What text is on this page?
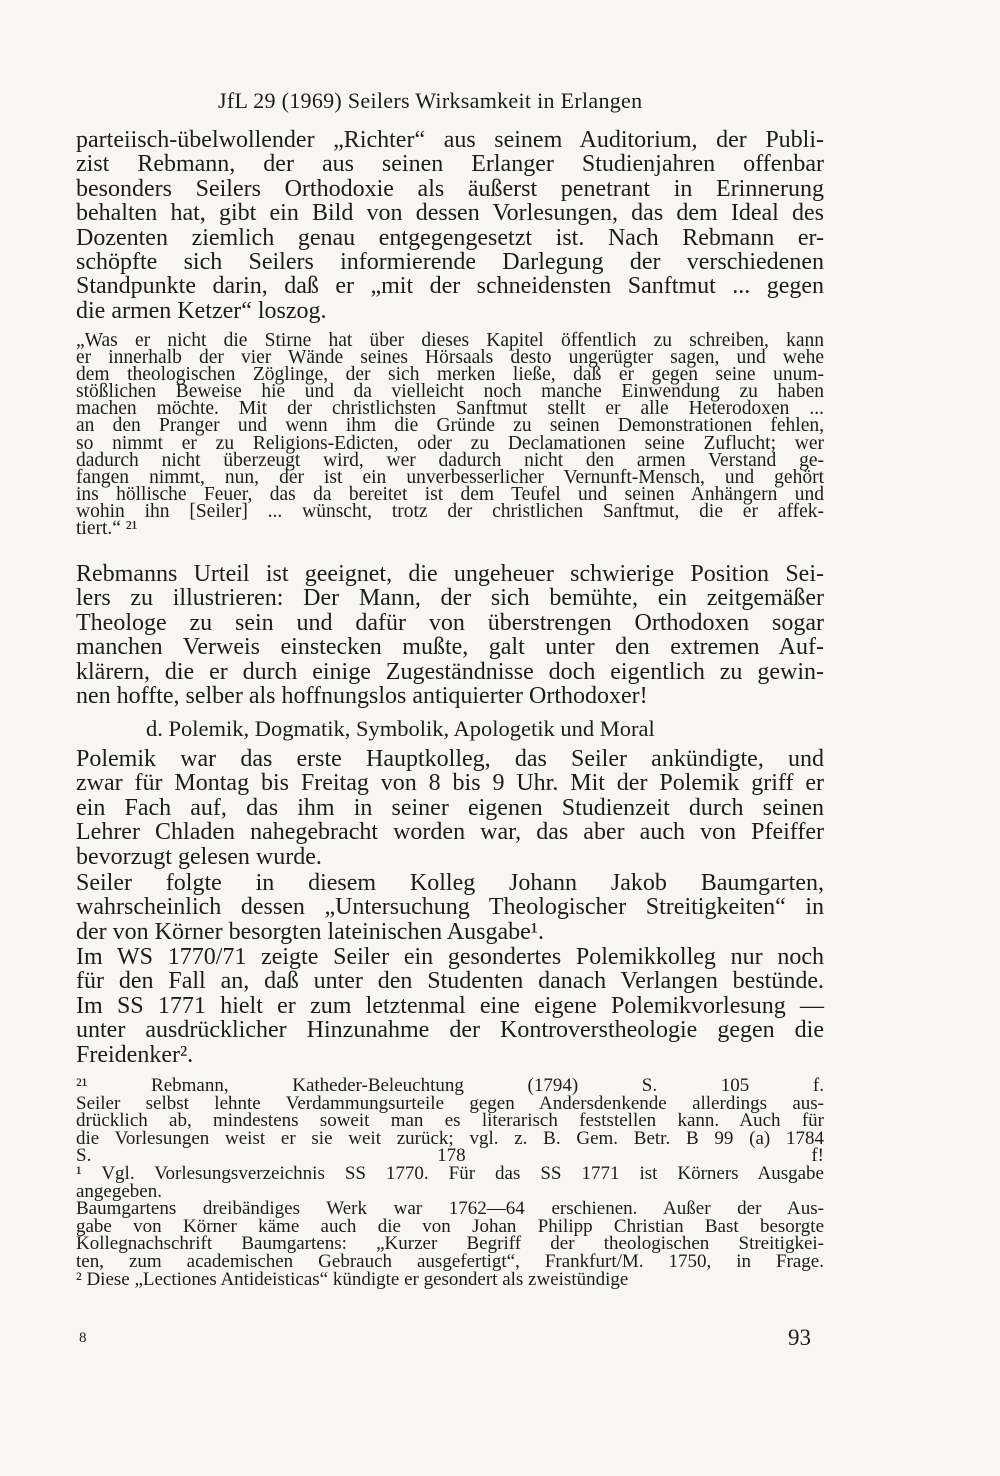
JfL 29 (1969) Seilers Wirksamkeit in Erlangen
parteiisch-übelwollender „Richter“ aus seinem Auditorium, der Publi-
zist Rebmann, der aus seinen Erlanger Studienjahren offenbar
besonders Seilers Orthodoxie als äußerst penetrant in Erinnerung
behalten hat, gibt ein Bild von dessen Vorlesungen, das dem Ideal des
Dozenten ziemlich genau entgegengesetzt ist. Nach Rebmann er-
schöpfte sich Seilers informierende Darlegung der verschiedenen
Standpunkte darin, daß er „mit der schneidensten Sanftmut ... gegen
die armen Ketzer“ loszog.
„Was er nicht die Stirne hat über dieses Kapitel öffentlich zu schreiben, kann
er innerhalb der vier Wände seines Hörsaals desto ungerügter sagen, und wehe
dem theologischen Zöglinge, der sich merken ließe, daß er gegen seine unum-
stößlichen Beweise hie und da vielleicht noch manche Einwendung zu haben
machen möchte. Mit der christlichsten Sanftmut stellt er alle Heterodoxen ...
an den Pranger und wenn ihm die Gründe zu seinen Demonstrationen fehlen,
so nimmt er zu Religions-Edicten, oder zu Declamationen seine Zuflucht; wer
dadurch nicht überzeugt wird, wer dadurch nicht den armen Verstand ge-
fangen nimmt, nun, der ist ein unverbesserlicher Vernunft-Mensch, und gehört
ins höllische Feuer, das da bereitet ist dem Teufel und seinen Anhängern und
wohin ihn [Seiler] ... wünscht, trotz der christlichen Sanftmut, die er affek-
tiert.“ ²¹
Rebmanns Urteil ist geeignet, die ungeheuer schwierige Position Sei-
lers zu illustrieren: Der Mann, der sich bemühte, ein zeitgemäßer
Theologe zu sein und dafür von überstrengen Orthodoxen sogar
manchen Verweis einstecken mußte, galt unter den extremen Auf-
klärern, die er durch einige Zugeständnisse doch eigentlich zu gewin-
nen hoffte, selber als hoffnungslos antiquierter Orthodoxer!
d. Polemik, Dogmatik, Symbolik, Apologetik und Moral
Polemik war das erste Hauptkolleg, das Seiler ankündigte, und
zwar für Montag bis Freitag von 8 bis 9 Uhr. Mit der Polemik griff er
ein Fach auf, das ihm in seiner eigenen Studienzeit durch seinen
Lehrer Chladen nahegebracht worden war, das aber auch von Pfeiffer
bevorzugt gelesen wurde.
Seiler folgte in diesem Kolleg Johann Jakob Baumgarten,
wahrscheinlich dessen „Untersuchung Theologischer Streitigkeiten“ in
der von Körner besorgten lateinischen Ausgabe¹.
Im WS 1770/71 zeigte Seiler ein gesondertes Polemikkolleg nur noch
für den Fall an, daß unter den Studenten danach Verlangen bestünde.
Im SS 1771 hielt er zum letztenmal eine eigene Polemikvorlesung —
unter ausdrücklicher Hinzunahme der Kontroverstheologie gegen die
Freidenker².
²¹ Rebmann, Katheder-Beleuchtung (1794) S. 105 f.
Seiler selbst lehnte Verdammungsurteile gegen Andersdenkende allerdings aus-
drücklich ab, mindestens soweit man es literarisch feststellen kann. Auch für
die Vorlesungen weist er sie weit zurück; vgl. z. B. Gem. Betr. B 99 (a) 1784
S. 178 f!
¹ Vgl. Vorlesungsverzeichnis SS 1770. Für das SS 1771 ist Körners Ausgabe
angegeben.
Baumgartens dreibändiges Werk war 1762—64 erschienen. Außer der Aus-
gabe von Körner käme auch die von Johan Philipp Christian Bast besorgte
Kollegnachschrift Baumgartens: „Kurzer Begriff der theologischen Streitigkei-
ten, zum academischen Gebrauch ausgefertigt“, Frankfurt/M. 1750, in Frage.
² Diese „Lectiones Antideisticas“ kündigte er gesondert als zweistündige
8	93
